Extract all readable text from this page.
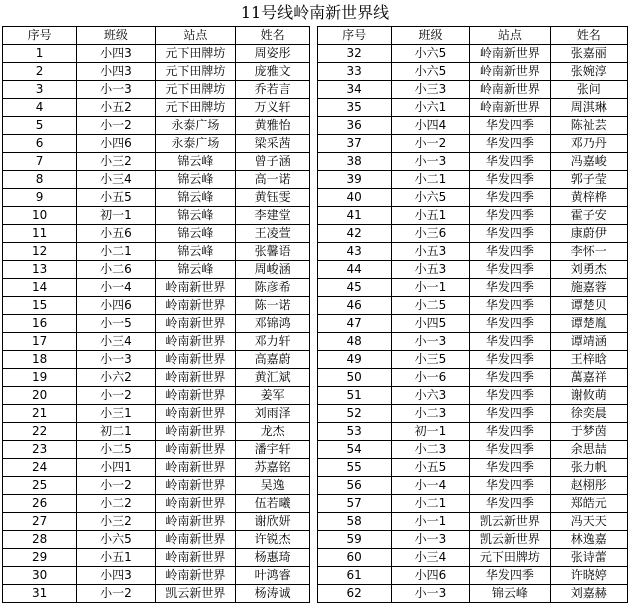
11号线岭南新世界线
序号	班级	站点	姓名		序号	班级	站点	姓名
1	小四3	元下田牌坊	周姿彤		32	小六5	岭南新世界	张嘉丽
2	小四3	元下田牌坊	庞雅文		33	小六5	岭南新世界	张婉淳
3	小一3	元下田牌坊	乔若言		34	小三3	岭南新世界	张问
4	小五2	元下田牌坊	万义轩		35	小六1	岭南新世界	周淇琳
5	小一2	永泰广场	黄雅怡		36	小四4	华发四季	陈祉芸
6	小四6	永泰广场	梁采茜		37	小一2	华发四季	邓乃丹
7	小三2	锦云峰	曾子涵		38	小一3	华发四季	冯嘉峻
8	小三4	锦云峰	高一诺		39	小二1	华发四季	郭子莹
9	小五5	锦云峰	黄钰雯		40	小六5	华发四季	黄梓桦
10	初一1	锦云峰	李建堂		41	小五1	华发四季	霍子安
11	小五6	锦云峰	王凌萱		42	小三6	华发四季	康蔚伊
12	小二1	锦云峰	张馨语		43	小五3	华发四季	李怀一
13	小二6	锦云峰	周峻涵		44	小五3	华发四季	刘勇杰
14	小一4	岭南新世界	陈彦希		45	小一1	华发四季	施嘉蓉
15	小四6	岭南新世界	陈一诺		46	小二5	华发四季	谭楚贝
16	小一5	岭南新世界	邓锦鸿		47	小四5	华发四季	谭楚胤
17	小三4	岭南新世界	邓力轩		48	小一3	华发四季	谭靖涵
18	小一3	岭南新世界	高嘉蔚		49	小三5	华发四季	王梓晗
19	小六2	岭南新世界	黄汇斌		50	小一6	华发四季	萬嘉祥
20	小一2	岭南新世界	姜军		51	小六3	华发四季	谢攸萌
21	小三1	岭南新世界	刘雨泽		52	小二3	华发四季	徐奕晨
22	初二1	岭南新世界	龙杰		53	初一1	华发四季	于梦茵
23	小二5	岭南新世界	潘宇轩		54	小二3	华发四季	余思喆
24	小四1	岭南新世界	苏嘉铭		55	小五5	华发四季	张力帆
25	小一2	岭南新世界	吴逸		56	小一4	华发四季	赵栩彤
26	小二2	岭南新世界	伍若曦		57	小二1	华发四季	郑皓元
27	小三2	岭南新世界	谢欣妍		58	小一1	凯云新世界	冯天天
28	小六5	岭南新世界	许锐杰		59	小一3	凯云新世界	林逸嘉
29	小五1	岭南新世界	杨惠琦		60	小三4	元下田牌坊	张诗蕾
30	小四3	岭南新世界	叶鸿睿		61	小四6	华发四季	许晓婷
31	小一2	凯云新世界	杨涛诚		62	小一3	锦云峰	刘嘉赫
